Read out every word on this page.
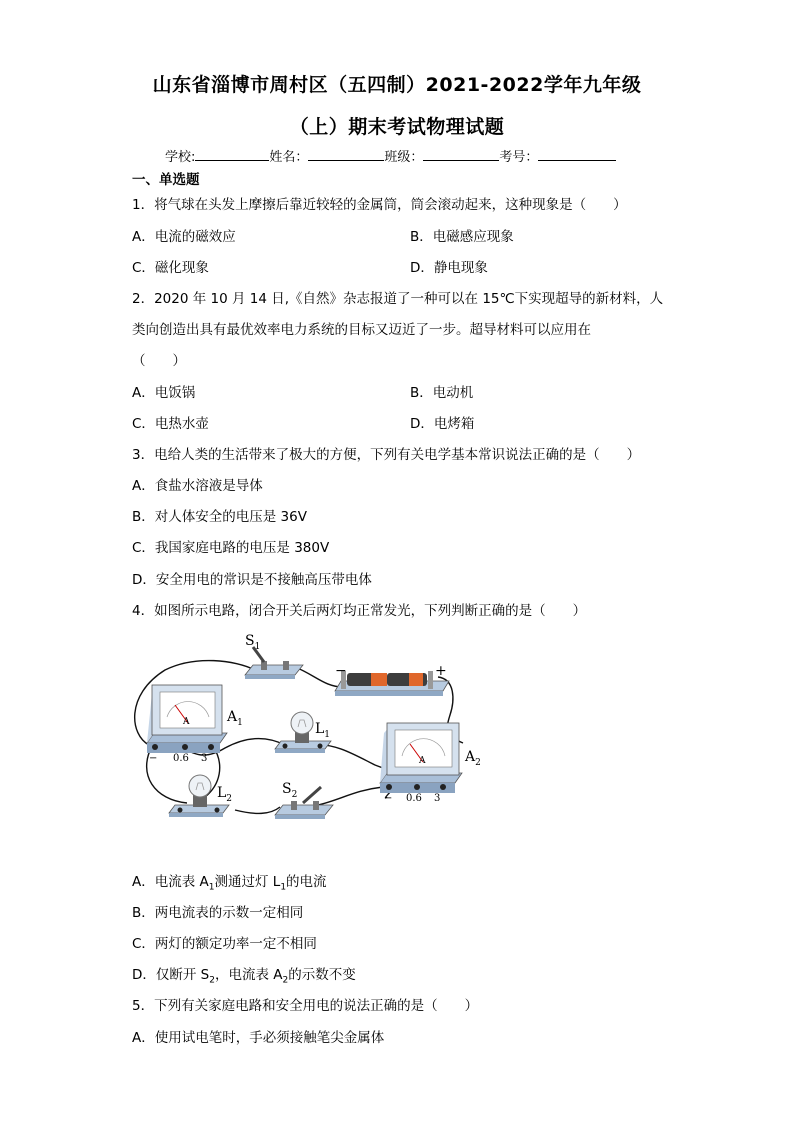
山东省淄博市周村区（五四制）2021-2022学年九年级
（上）期末考试物理试题
学校:	姓名：	班级：	考号：
一、单选题
1．将气球在头发上摩擦后靠近较轻的金属筒，筒会滚动起来，这种现象是（　　）
A．电流的磁效应	B．电磁感应现象
C．磁化现象	D．静电现象
2．2020 年 10 月 14 日,《自然》杂志报道了一种可以在 15℃下实现超导的新材料，人
类向创造出具有最优效率电力系统的目标又迈近了一步。超导材料可以应用在
（　　）
A．电饭锅	B．电动机
C．电热水壶	D．电烤箱
3．电给人类的生活带来了极大的方便，下列有关电学基本常识说法正确的是（　　）
A．食盐水溶液是导体
B．对人体安全的电压是 36V
C．我国家庭电路的电压是 380V
D．安全用电的常识是不接触高压带电体
4．如图所示电路，闭合开关后两灯均正常发光，下列判断正确的是（　　）
$S_1$
−	+
A
− 0.6 3
$A_1$	$L_1$
A
− 0.6 3
$A_2$
$L_2$
$S_2$
A．电流表 $A_1$测通过灯 $L_1$的电流
B．两电流表的示数一定相同
C．两灯的额定功率一定不相同
D．仅断开 $S_2$，电流表 $A_2$的示数不变
5．下列有关家庭电路和安全用电的说法正确的是（　　）
A．使用试电笔时，手必须接触笔尖金属体
